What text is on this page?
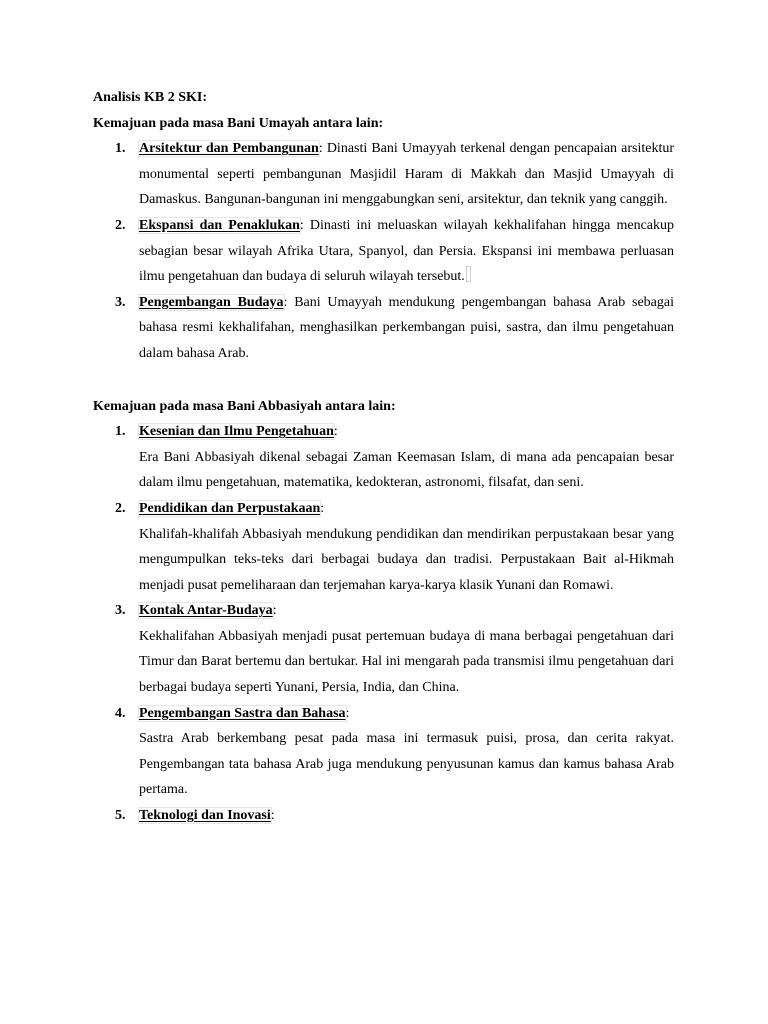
Analisis KB 2 SKI:
Kemajuan pada masa Bani Umayah antara lain:
1. Arsitektur dan Pembangunan: Dinasti Bani Umayyah terkenal dengan pencapaian arsitektur monumental seperti pembangunan Masjidil Haram di Makkah dan Masjid Umayyah di Damaskus. Bangunan-bangunan ini menggabungkan seni, arsitektur, dan teknik yang canggih.
2. Ekspansi dan Penaklukan: Dinasti ini meluaskan wilayah kekhalifahan hingga mencakup sebagian besar wilayah Afrika Utara, Spanyol, dan Persia. Ekspansi ini membawa perluasan ilmu pengetahuan dan budaya di seluruh wilayah tersebut.
3. Pengembangan Budaya: Bani Umayyah mendukung pengembangan bahasa Arab sebagai bahasa resmi kekhalifahan, menghasilkan perkembangan puisi, sastra, dan ilmu pengetahuan dalam bahasa Arab.
Kemajuan pada masa Bani Abbasiyah antara lain:
1. Kesenian dan Ilmu Pengetahuan:
Era Bani Abbasiyah dikenal sebagai Zaman Keemasan Islam, di mana ada pencapaian besar dalam ilmu pengetahuan, matematika, kedokteran, astronomi, filsafat, dan seni.
2. Pendidikan dan Perpustakaan:
Khalifah-khalifah Abbasiyah mendukung pendidikan dan mendirikan perpustakaan besar yang mengumpulkan teks-teks dari berbagai budaya dan tradisi. Perpustakaan Bait al-Hikmah menjadi pusat pemeliharaan dan terjemahan karya-karya klasik Yunani dan Romawi.
3. Kontak Antar-Budaya:
Kekhalifahan Abbasiyah menjadi pusat pertemuan budaya di mana berbagai pengetahuan dari Timur dan Barat bertemu dan bertukar. Hal ini mengarah pada transmisi ilmu pengetahuan dari berbagai budaya seperti Yunani, Persia, India, dan China.
4. Pengembangan Sastra dan Bahasa:
Sastra Arab berkembang pesat pada masa ini termasuk puisi, prosa, dan cerita rakyat. Pengembangan tata bahasa Arab juga mendukung penyusunan kamus dan kamus bahasa Arab pertama.
5. Teknologi dan Inovasi:
